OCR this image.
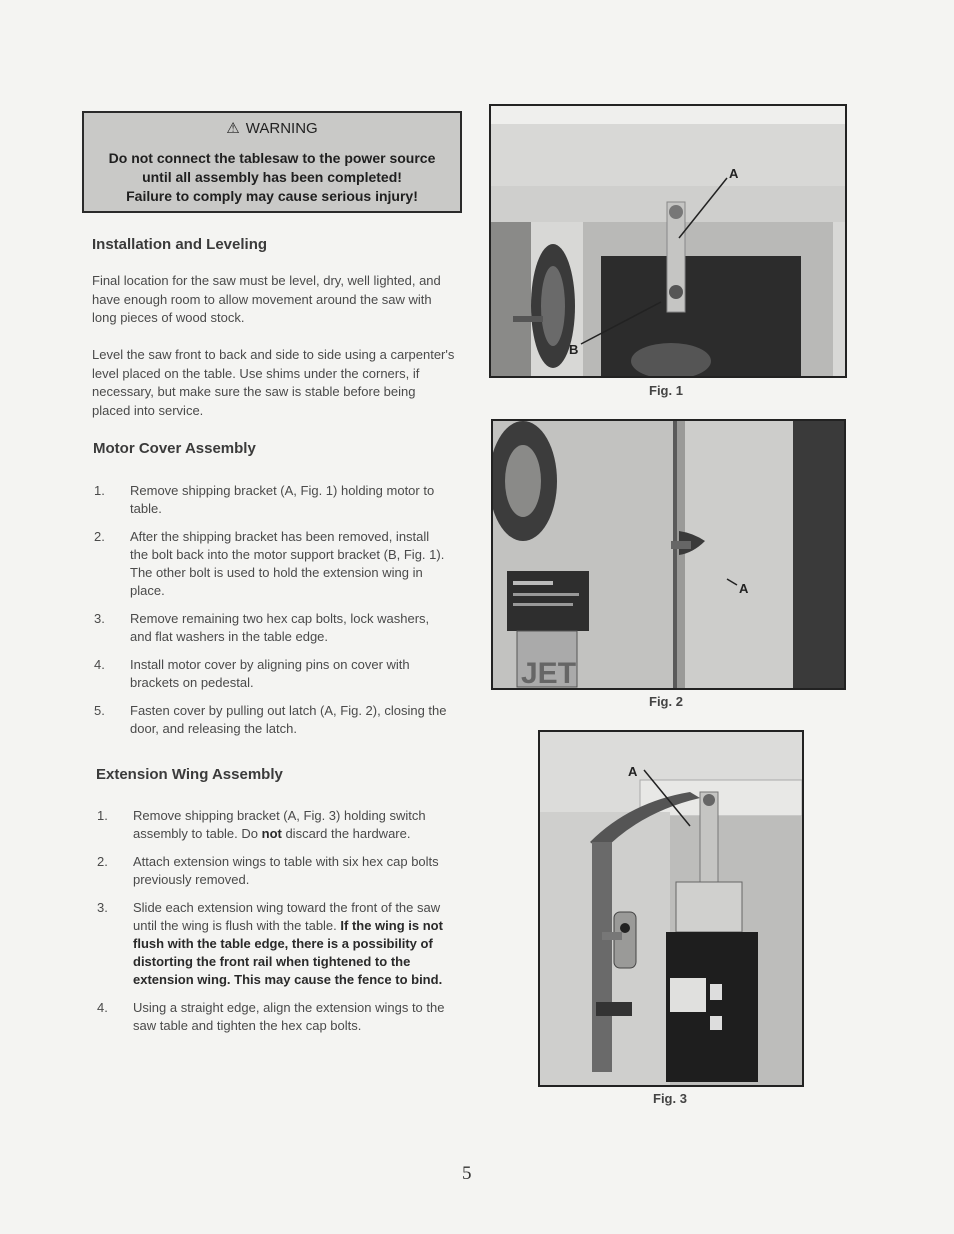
⚠ WARNING
Do not connect the tablesaw to the power source
until all assembly has been completed!
Failure to comply may cause serious injury!
Installation and Leveling

Final location for the saw must be level, dry, well lighted, and have enough room to allow movement around the saw with long pieces of wood stock.

Level the saw front to back and side to side using a carpenter's level placed on the table. Use shims under the corners, if necessary, but make sure the saw is stable before being placed into service.

Motor Cover Assembly
1. Remove shipping bracket (A, Fig. 1) holding motor to table.
2. After the shipping bracket has been removed, install the bolt back into the motor support bracket (B, Fig. 1). The other bolt is used to hold the extension wing in place.
3. Remove remaining two hex cap bolts, lock washers, and flat washers in the table edge.
4. Install motor cover by aligning pins on cover with brackets on pedestal.
5. Fasten cover by pulling out latch (A, Fig. 2), closing the door, and releasing the latch.
Extension Wing Assembly
1. Remove shipping bracket (A, Fig. 3) holding switch assembly to table. Do not discard the hardware.
2. Attach extension wings to table with six hex cap bolts previously removed.
3. Slide each extension wing toward the front of the saw until the wing is flush with the table. If the wing is not flush with the table edge, there is a possibility of distorting the front rail when tightened to the extension wing. This may cause the fence to bind.
4. Using a straight edge, align the extension wings to the saw table and tighten the hex cap bolts.
A
B
Fig. 1
JET
A
Fig. 2
A
Fig. 3
5
